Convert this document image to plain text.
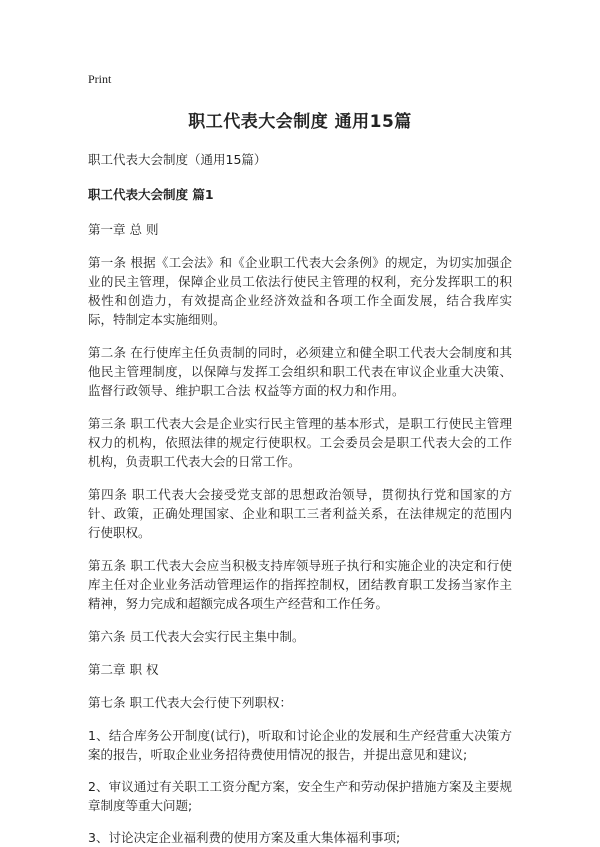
Print
职工代表大会制度 通用15篇
职工代表大会制度（通用15篇）
职工代表大会制度 篇1

第一章 总 则

第一条 根据《工会法》和《企业职工代表大会条例》的规定，为切实加强企业的民主管理，保障企业员工依法行使民主管理的权利，充分发挥职工的积极性和创造力，有效提高企业经济效益和各项工作全面发展，结合我库实际，特制定本实施细则。

第二条 在行使库主任负责制的同时，必须建立和健全职工代表大会制度和其他民主管理制度，以保障与发挥工会组织和职工代表在审议企业重大决策、监督行政领导、维护职工合法 权益等方面的权力和作用。

第三条 职工代表大会是企业实行民主管理的基本形式，是职工行使民主管理权力的机构，依照法律的规定行使职权。工会委员会是职工代表大会的工作机构，负责职工代表大会的日常工作。

第四条 职工代表大会接受党支部的思想政治领导，贯彻执行党和国家的方针、政策，正确处理国家、企业和职工三者利益关系，在法律规定的范围内行使职权。

第五条 职工代表大会应当积极支持库领导班子执行和实施企业的决定和行使库主任对企业业务活动管理运作的指挥控制权，团结教育职工发扬当家作主精神，努力完成和超额完成各项生产经营和工作任务。

第六条 员工代表大会实行民主集中制。

第二章 职 权

第七条 职工代表大会行使下列职权：

1、结合库务公开制度(试行)，听取和讨论企业的发展和生产经营重大决策方案的报告，听取企业业务招待费使用情况的报告，并提出意见和建议;

2、审议通过有关职工工资分配方案，安全生产和劳动保护措施方案及主要规章制度等重大问题;

3、讨论决定企业福利费的使用方案及重大集体福利事项;
